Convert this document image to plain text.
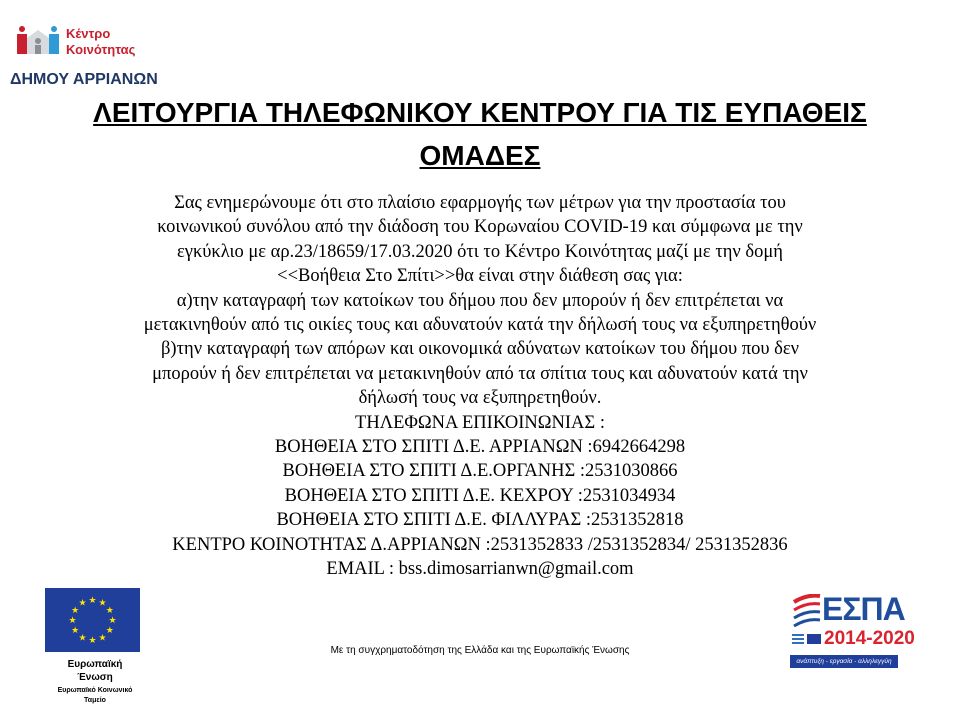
Κέντρο
Κοινότητας
ΔΗΜΟΥ ΑΡΡΙΑΝΩΝ
ΛΕΙΤΟΥΡΓΙΑ ΤΗΛΕΦΩΝΙΚΟΥ ΚΕΝΤΡΟΥ ΓΙΑ ΤΙΣ ΕΥΠΑΘΕΙΣ
ΟΜΑΔΕΣ
Σας ενημερώνουμε ότι στο πλαίσιο εφαρμογής των μέτρων για την προστασία του
κοινωνικού συνόλου από την διάδοση του Κορωναίου COVID-19 και σύμφωνα με την
εγκύκλιο με αρ.23/18659/17.03.2020 ότι το Κέντρο Κοινότητας μαζί με την δομή
<<Βοήθεια Στο Σπίτι>>θα είναι στην διάθεση σας για:
α)την καταγραφή των κατοίκων του δήμου που δεν μπορούν ή δεν επιτρέπεται να
μετακινηθούν από τις οικίες τους και αδυνατούν κατά την δήλωσή τους να εξυπηρετηθούν
β)την καταγραφή των απόρων και οικονομικά αδύνατων κατοίκων του δήμου που δεν
μπορούν ή δεν επιτρέπεται να μετακινηθούν από τα σπίτια τους και αδυνατούν κατά την
δήλωσή τους να εξυπηρετηθούν.
ΤΗΛΕΦΩΝΑ ΕΠΙΚΟΙΝΩΝΙΑΣ :
ΒΟΗΘΕΙΑ ΣΤΟ ΣΠΙΤΙ Δ.Ε. ΑΡΡΙΑΝΩΝ :6942664298
ΒΟΗΘΕΙΑ ΣΤΟ ΣΠΙΤΙ Δ.Ε.ΟΡΓΑΝΗΣ :2531030866
ΒΟΗΘΕΙΑ ΣΤΟ ΣΠΙΤΙ Δ.Ε. ΚΕΧΡΟΥ :2531034934
ΒΟΗΘΕΙΑ ΣΤΟ ΣΠΙΤΙ Δ.Ε. ΦΙΛΛΥΡΑΣ :2531352818
ΚΕΝΤΡΟ ΚΟΙΝΟΤΗΤΑΣ Δ.ΑΡΡΙΑΝΩΝ :2531352833 /2531352834/ 2531352836
EMAIL : bss.dimosarrianwn@gmail.com
★
★
★
★
★
★
★
★
★ ★ ★
★
Ευρωπαϊκή
Ένωση
Ευρωπαϊκό Κοινωνικό
Ταμείο
Με τη συγχρηματοδότηση της Ελλάδα και της Ευρωπαϊκής Ένωσης
ΕΣΠΑ
2014-2020
ανάπτυξη - εργασία - αλληλεγγύη
